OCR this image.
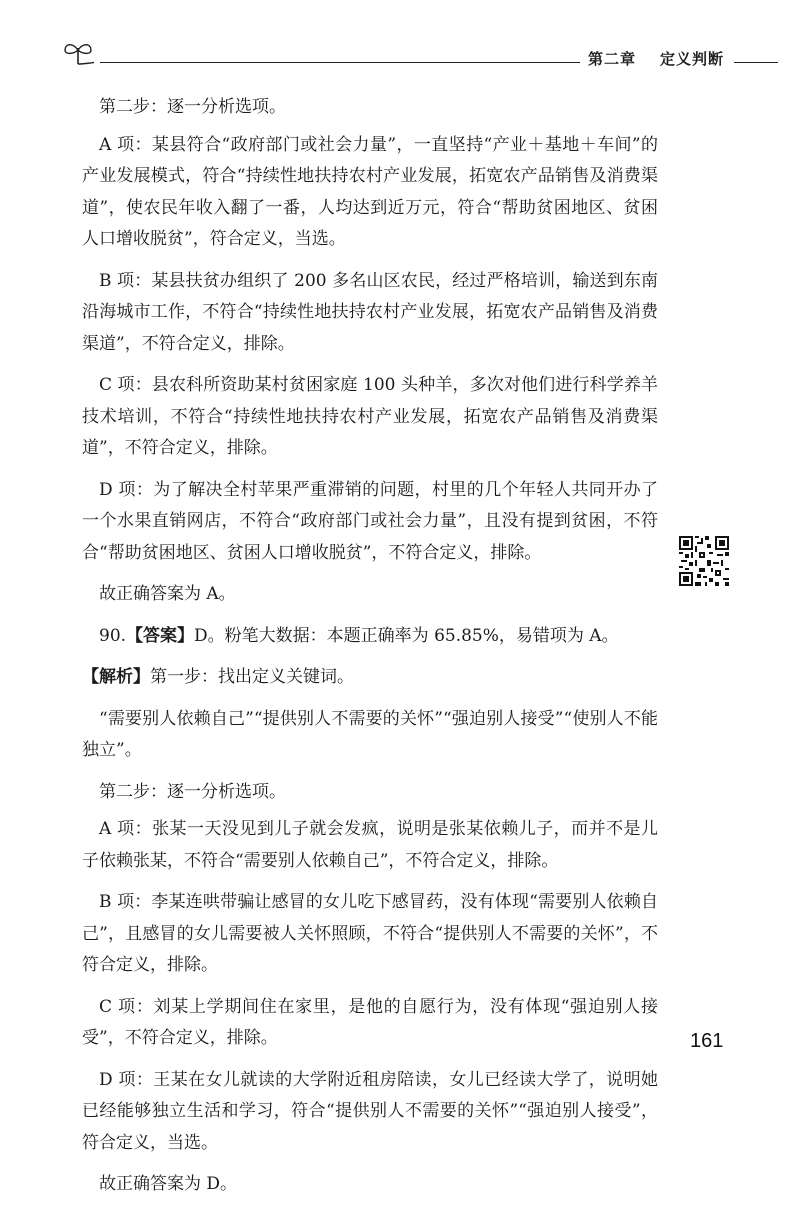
第二章 定义判断

第二步：逐一分析选项。

A 项：某县符合“政府部门或社会力量”，一直坚持“产业＋基地＋车间”的产业发展模式，符合“持续性地扶持农村产业发展，拓宽农产品销售及消费渠道”，使农民年收入翻了一番，人均达到近万元，符合“帮助贫困地区、贫困人口增收脱贫”，符合定义，当选。

B 项：某县扶贫办组织了 200 多名山区农民，经过严格培训，输送到东南沿海城市工作，不符合“持续性地扶持农村产业发展，拓宽农产品销售及消费渠道”，不符合定义，排除。

C 项：县农科所资助某村贫困家庭 100 头种羊，多次对他们进行科学养羊技术培训，不符合“持续性地扶持农村产业发展，拓宽农产品销售及消费渠道”，不符合定义，排除。

D 项：为了解决全村苹果严重滞销的问题，村里的几个年轻人共同开办了一个水果直销网店，不符合“政府部门或社会力量”，且没有提到贫困，不符合“帮助贫困地区、贫困人口增收脱贫”，不符合定义，排除。

故正确答案为 A。

90.【答案】D。粉笔大数据：本题正确率为 65.85%，易错项为 A。

【解析】第一步：找出定义关键词。

“需要别人依赖自己”“提供别人不需要的关怀”“强迫别人接受”“使别人不能独立”。

第二步：逐一分析选项。

A 项：张某一天没见到儿子就会发疯，说明是张某依赖儿子，而并不是儿子依赖张某，不符合“需要别人依赖自己”，不符合定义，排除。

B 项：李某连哄带骗让感冒的女儿吃下感冒药，没有体现“需要别人依赖自己”，且感冒的女儿需要被人关怀照顾，不符合“提供别人不需要的关怀”，不符合定义，排除。

C 项：刘某上学期间住在家里，是他的自愿行为，没有体现“强迫别人接受”，不符合定义，排除。

D 项：王某在女儿就读的大学附近租房陪读，女儿已经读大学了，说明她已经能够独立生活和学习，符合“提供别人不需要的关怀”“强迫别人接受”，符合定义，当选。

故正确答案为 D。

161
